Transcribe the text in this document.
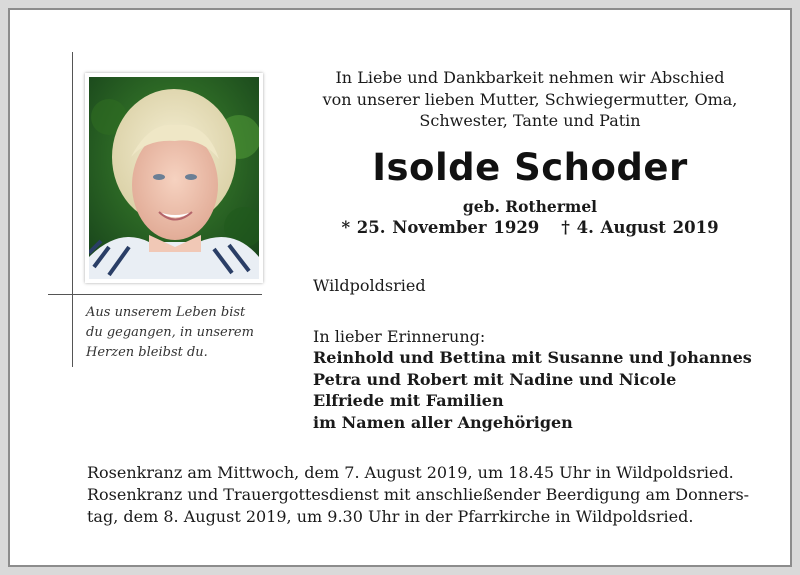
Aus unserem Leben bist
du gegangen, in unserem
Herzen bleibst du.
In Liebe und Dankbarkeit nehmen wir Abschied
von unserer lieben Mutter, Schwiegermutter, Oma,
Schwester, Tante und Patin
Isolde Schoder
geb. Rothermel
* 25. November 1929 † 4. August 2019
Wildpoldsried
In lieber Erinnerung:
Reinhold und Bettina mit Susanne und Johannes
Petra und Robert mit Nadine und Nicole
Elfriede mit Familien
im Namen aller Angehörigen
Rosenkranz am Mittwoch, dem 7. August 2019, um 18.45 Uhr in Wildpoldsried.
Rosenkranz und Trauergottesdienst mit anschließender Beerdigung am Donners-
tag, dem 8. August 2019, um 9.30 Uhr in der Pfarrkirche in Wildpoldsried.
